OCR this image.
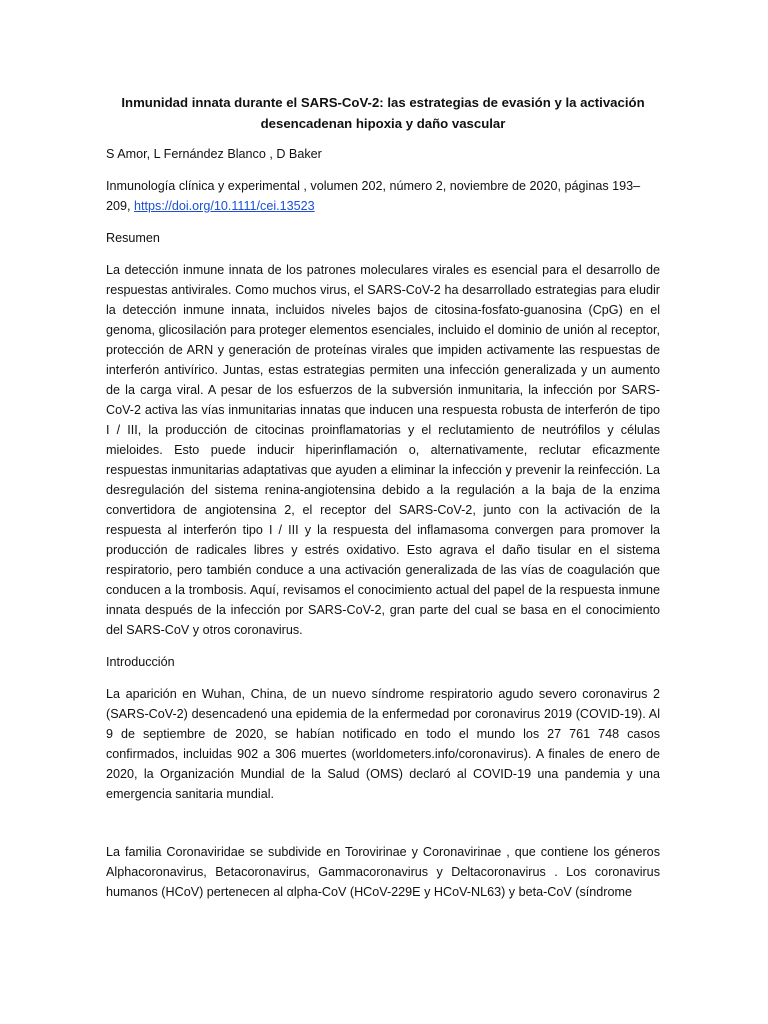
Inmunidad innata durante el SARS-CoV-2: las estrategias de evasión y la activación desencadenan hipoxia y daño vascular

S Amor, L Fernández Blanco , D Baker

Inmunología clínica y experimental , volumen 202, número 2, noviembre de 2020, páginas 193–209, https://doi.org/10.1111/cei.13523

Resumen

La detección inmune innata de los patrones moleculares virales es esencial para el desarrollo de respuestas antivirales. Como muchos virus, el SARS-CoV-2 ha desarrollado estrategias para eludir la detección inmune innata, incluidos niveles bajos de citosina-fosfato-guanosina (CpG) en el genoma, glicosilación para proteger elementos esenciales, incluido el dominio de unión al receptor, protección de ARN y generación de proteínas virales que impiden activamente las respuestas de interferón antivírico. Juntas, estas estrategias permiten una infección generalizada y un aumento de la carga viral. A pesar de los esfuerzos de la subversión inmunitaria, la infección por SARS-CoV-2 activa las vías inmunitarias innatas que inducen una respuesta robusta de interferón de tipo I / III, la producción de citocinas proinflamatorias y el reclutamiento de neutrófilos y células mieloides. Esto puede inducir hiperinflamación o, alternativamente, reclutar eficazmente respuestas inmunitarias adaptativas que ayuden a eliminar la infección y prevenir la reinfección. La desregulación del sistema renina-angiotensina debido a la regulación a la baja de la enzima convertidora de angiotensina 2, el receptor del SARS-CoV-2, junto con la activación de la respuesta al interferón tipo I / III y la respuesta del inflamasoma convergen para promover la producción de radicales libres y estrés oxidativo. Esto agrava el daño tisular en el sistema respiratorio, pero también conduce a una activación generalizada de las vías de coagulación que conducen a la trombosis. Aquí, revisamos el conocimiento actual del papel de la respuesta inmune innata después de la infección por SARS-CoV-2, gran parte del cual se basa en el conocimiento del SARS-CoV y otros coronavirus.

Introducción

La aparición en Wuhan, China, de un nuevo síndrome respiratorio agudo severo coronavirus 2 (SARS-CoV-2) desencadenó una epidemia de la enfermedad por coronavirus 2019 (COVID-19). Al 9 de septiembre de 2020, se habían notificado en todo el mundo los 27 761 748 casos confirmados, incluidas 902 a 306 muertes (worldometers.info/coronavirus). A finales de enero de 2020, la Organización Mundial de la Salud (OMS) declaró al COVID-19 una pandemia y una emergencia sanitaria mundial.

La familia Coronaviridae se subdivide en Torovirinae y Coronavirinae , que contiene los géneros Alphacoronavirus, Betacoronavirus, Gammacoronavirus y Deltacoronavirus . Los coronavirus humanos (HCoV) pertenecen al αlpha-CoV (HCoV-229E y HCoV-NL63) y beta-CoV (síndrome
